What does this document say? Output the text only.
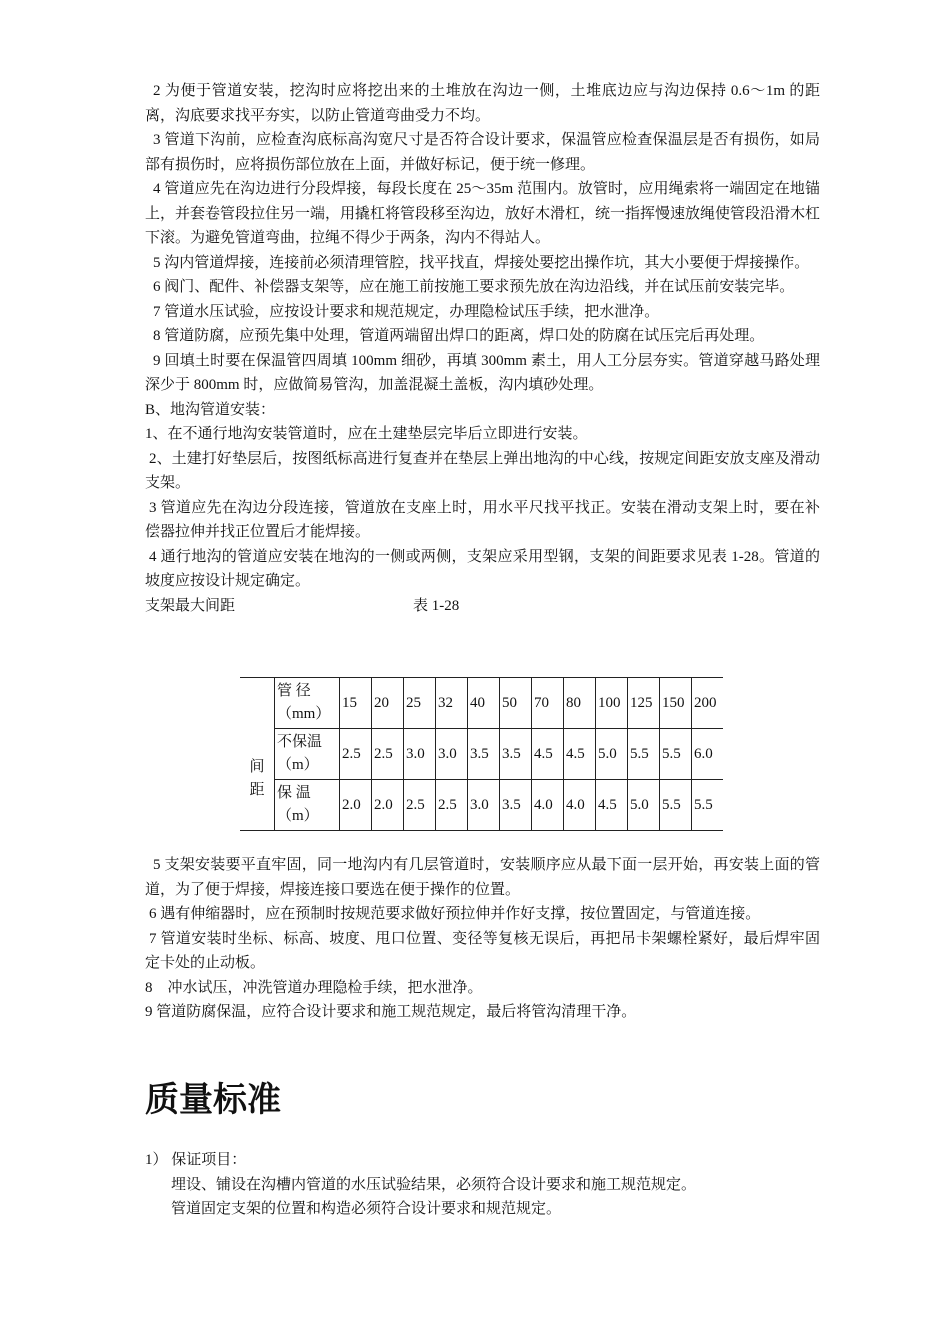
2 为便于管道安装，挖沟时应将挖出来的土堆放在沟边一侧，土堆底边应与沟边保持 0.6～1m 的距离，沟底要求找平夯实，以防止管道弯曲受力不均。

3 管道下沟前，应检查沟底标高沟宽尺寸是否符合设计要求，保温管应检查保温层是否有损伤，如局部有损伤时，应将损伤部位放在上面，并做好标记，便于统一修理。

4 管道应先在沟边进行分段焊接，每段长度在 25～35m 范围内。放管时，应用绳索将一端固定在地锚上，并套卷管段拉住另一端，用撬杠将管段移至沟边，放好木滑杠，统一指挥慢速放绳使管段沿滑木杠下滚。为避免管道弯曲，拉绳不得少于两条，沟内不得站人。

5 沟内管道焊接，连接前必须清理管腔，找平找直，焊接处要挖出操作坑，其大小要便于焊接操作。

6 阀门、配件、补偿器支架等，应在施工前按施工要求预先放在沟边沿线，并在试压前安装完毕。

7 管道水压试验，应按设计要求和规范规定，办理隐检试压手续，把水泄净。

8 管道防腐，应预先集中处理，管道两端留出焊口的距离，焊口处的防腐在试压完后再处理。

9 回填土时要在保温管四周填 100mm 细砂，再填 300mm 素土，用人工分层夯实。管道穿越马路处理深少于 800mm 时，应做简易管沟，加盖混凝土盖板，沟内填砂处理。

B、地沟管道安装：

1、在不通行地沟安装管道时，应在土建垫层完毕后立即进行安装。

2、土建打好垫层后，按图纸标高进行复查并在垫层上弹出地沟的中心线，按规定间距安放支座及滑动支架。

3 管道应先在沟边分段连接，管道放在支座上时，用水平尺找平找正。安装在滑动支架上时，要在补偿器拉伸并找正位置后才能焊接。

4 通行地沟的管道应安装在地沟的一侧或两侧，支架应采用型钢，支架的间距要求见表 1-28。管道的坡度应按设计规定确定。

支架最大间距	表 1-28
	管 径
（mm）	15	20	25	32	40	50	70	80	100	125	150	200
间
距	不保温
（m）	2.5	2.5	3.0	3.0	3.5	3.5	4.5	4.5	5.0	5.5	5.5	6.0
	保 温
（m）	2.0	2.0	2.5	2.5	3.0	3.5	4.0	4.0	4.5	5.0	5.5	5.5

5 支架安装要平直牢固，同一地沟内有几层管道时，安装顺序应从最下面一层开始，再安装上面的管道，为了便于焊接，焊接连接口要选在便于操作的位置。

6 遇有伸缩器时，应在预制时按规范要求做好预拉伸并作好支撑，按位置固定，与管道连接。

7 管道安装时坐标、标高、坡度、甩口位置、变径等复核无误后，再把吊卡架螺栓紧好，最后焊牢固定卡处的止动板。

8    冲水试压，冲洗管道办理隐检手续，把水泄净。

9 管道防腐保温，应符合设计要求和施工规范规定，最后将管沟清理干净。

质量标准

1） 保证项目：

埋设、铺设在沟槽内管道的水压试验结果，必须符合设计要求和施工规范规定。

管道固定支架的位置和构造必须符合设计要求和规范规定。
